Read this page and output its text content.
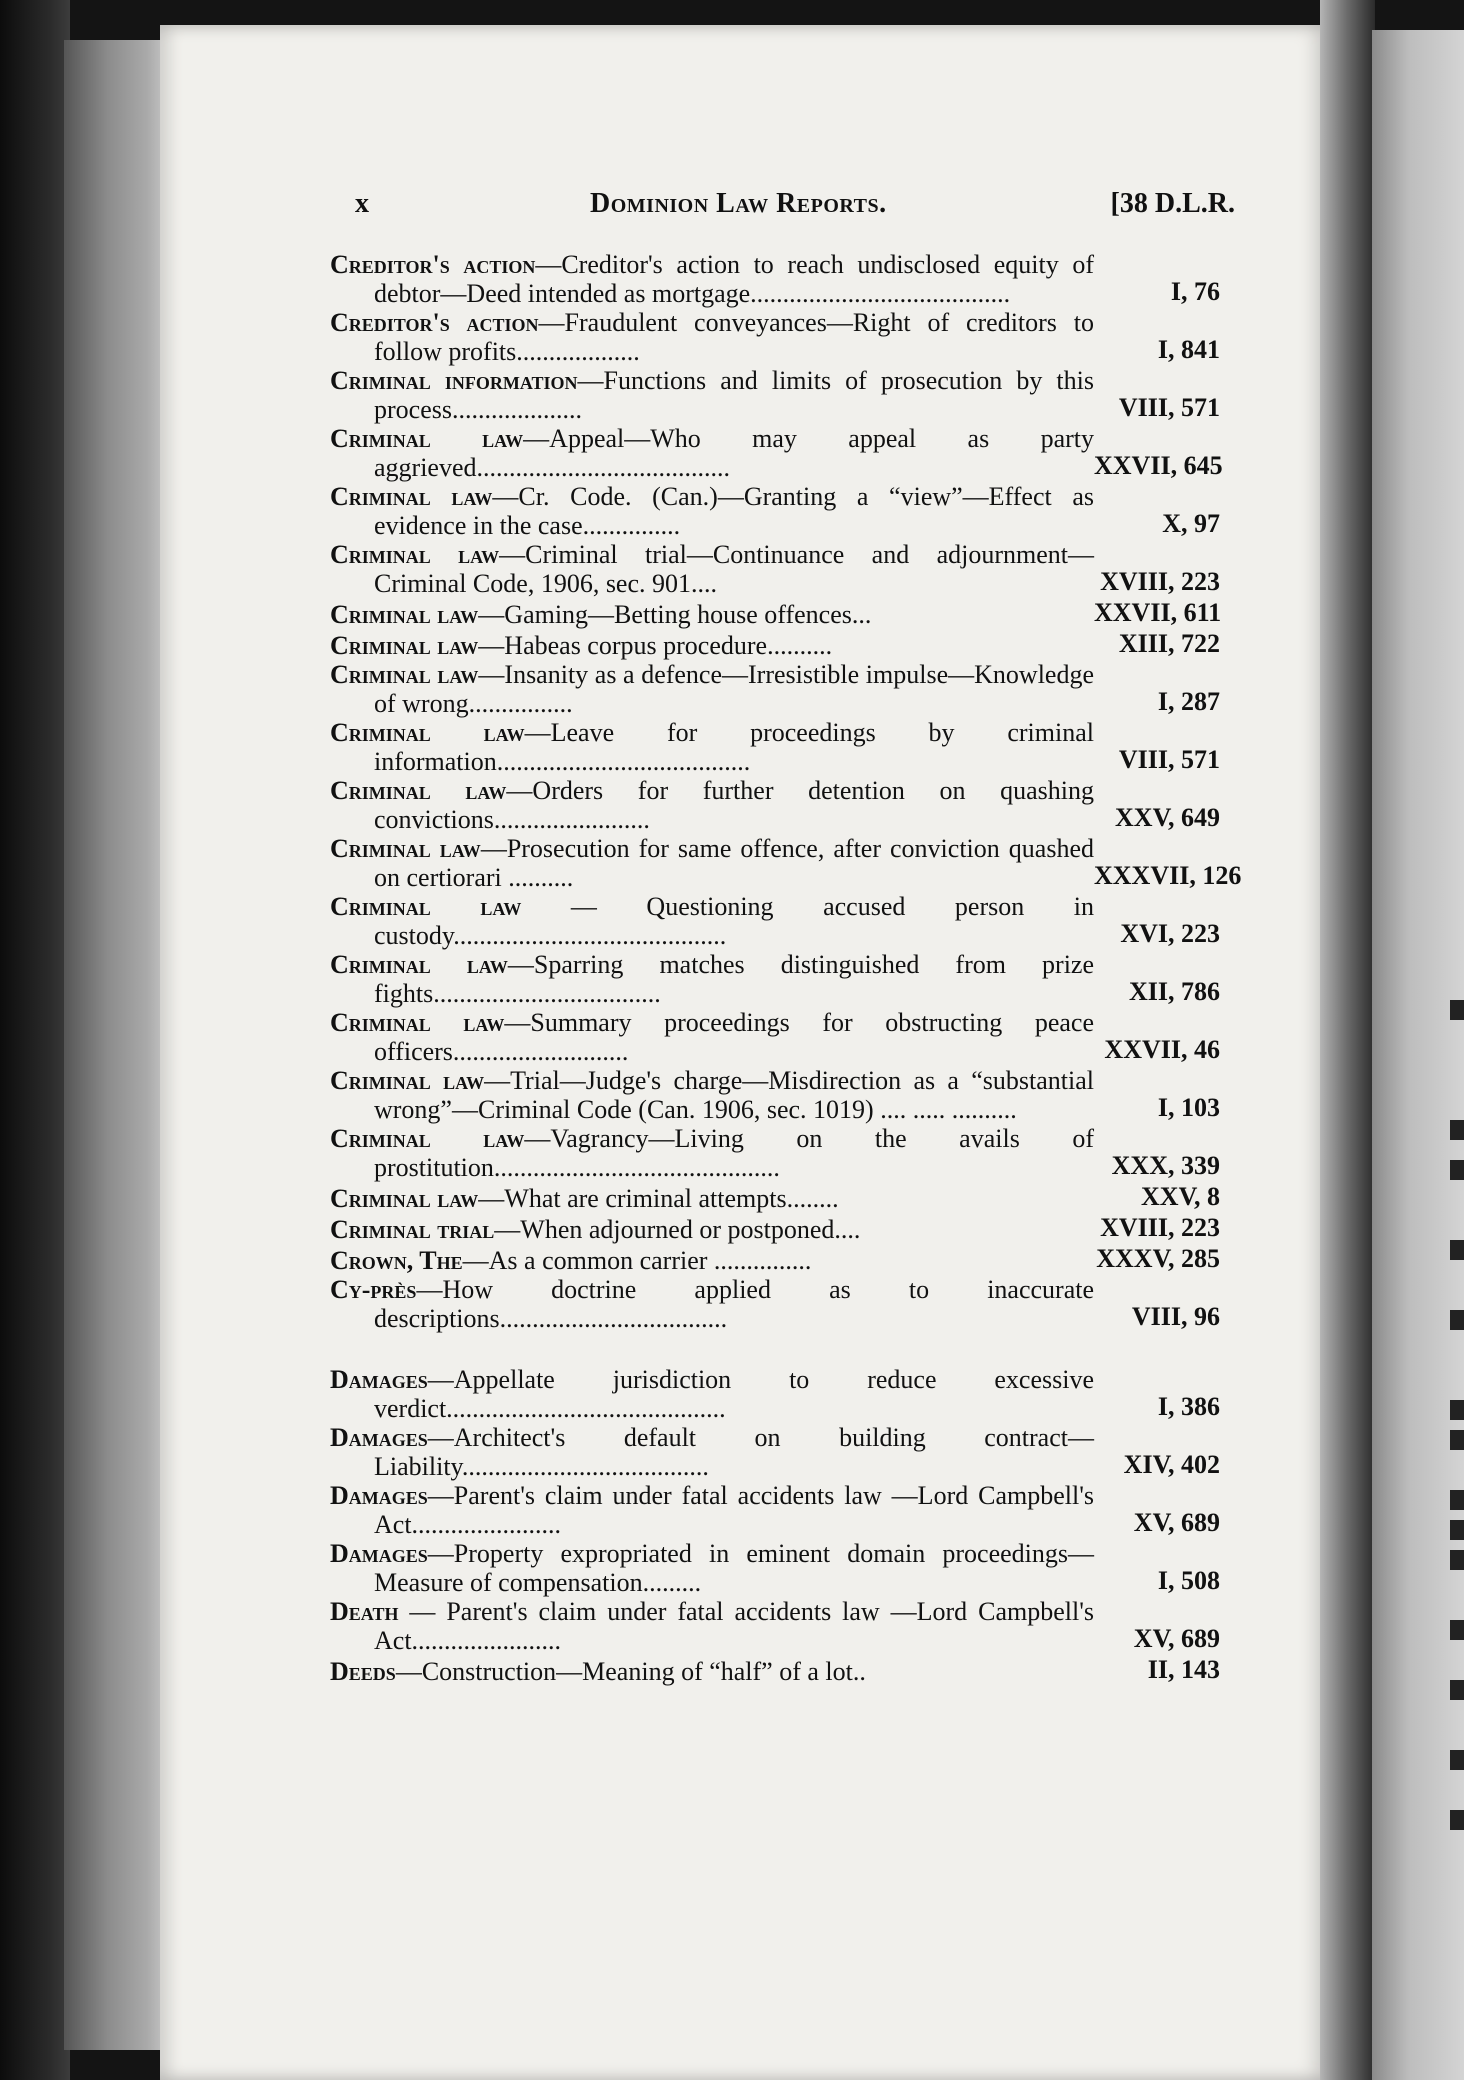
x	Dominion Law Reports.	[38 D.L.R.
Creditor's action—Creditor's action to reach undisclosed equity of debtor—Deed intended as mortgage........................................	I, 76
Creditor's action—Fraudulent conveyances—Right of creditors to follow profits...................	I, 841
Criminal information—Functions and limits of prosecution by this process....................	VIII, 571
Criminal law—Appeal—Who may appeal as party aggrieved.......................................	XXVII, 645
Criminal law—Cr. Code. (Can.)—Granting a “view”—Effect as evidence in the case...............	X, 97
Criminal law—Criminal trial—Continuance and adjournment—Criminal Code, 1906, sec. 901....	XVIII, 223
Criminal law—Gaming—Betting house offences...	XXVII, 611
Criminal law—Habeas corpus procedure..........	XIII, 722
Criminal law—Insanity as a defence—Irresistible impulse—Knowledge of wrong................	I, 287
Criminal law—Leave for proceedings by criminal information.......................................	VIII, 571
Criminal law—Orders for further detention on quashing convictions........................	XXV, 649
Criminal law—Prosecution for same offence, after conviction quashed on certiorari ..........	XXXVII, 126
Criminal law — Questioning accused person in custody..........................................	XVI, 223
Criminal law—Sparring matches distinguished from prize fights...................................	XII, 786
Criminal law—Summary proceedings for obstructing peace officers...........................	XXVII, 46
Criminal law—Trial—Judge's charge—Misdirection as a “substantial wrong”—Criminal Code (Can. 1906, sec. 1019) .... ..... ..........	I, 103
Criminal law—Vagrancy—Living on the avails of prostitution............................................	XXX, 339
Criminal law—What are criminal attempts........	XXV, 8
Criminal trial—When adjourned or postponed....	XVIII, 223
Crown, The—As a common carrier ...............	XXXV, 285
Cy-près—How doctrine applied as to inaccurate descriptions...................................	VIII, 96
Damages—Appellate jurisdiction to reduce excessive verdict...........................................	I, 386
Damages—Architect's default on building contract—Liability......................................	XIV, 402
Damages—Parent's claim under fatal accidents law —Lord Campbell's Act.......................	XV, 689
Damages—Property expropriated in eminent domain proceedings—Measure of compensation.........	I, 508
Death — Parent's claim under fatal accidents law —Lord Campbell's Act.......................	XV, 689
Deeds—Construction—Meaning of “half” of a lot..	II, 143
